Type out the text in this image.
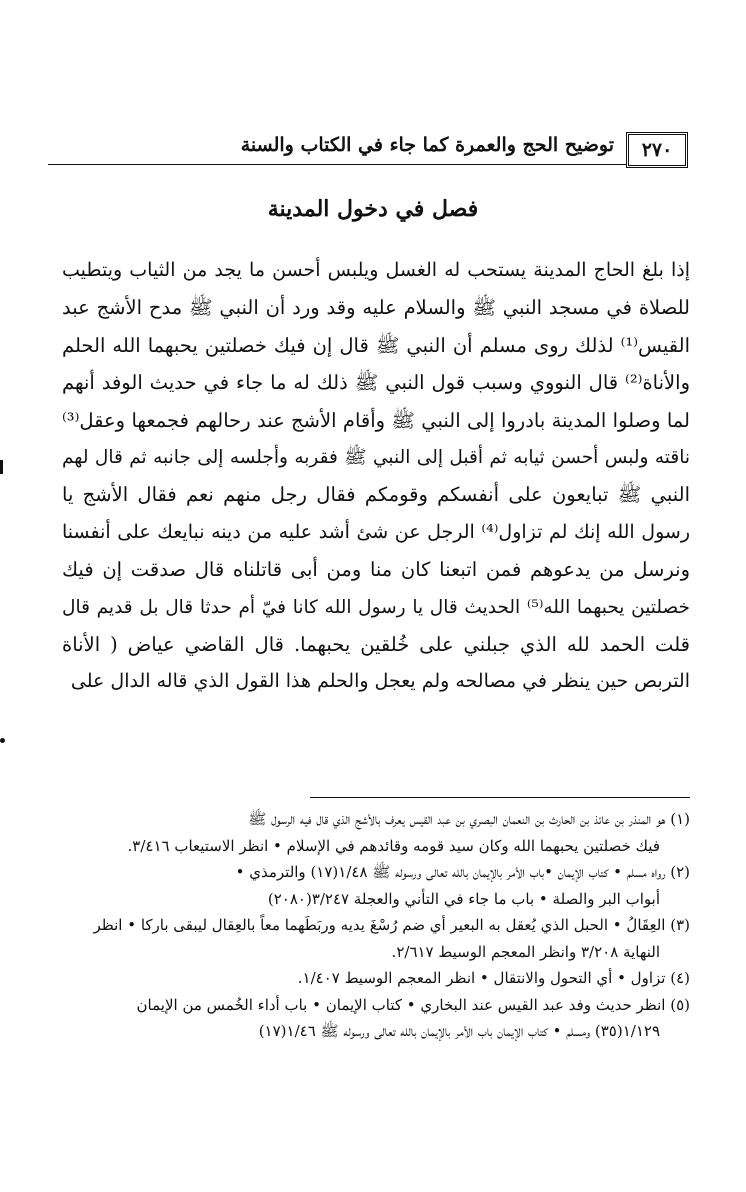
٢٧٠
توضيح الحج والعمرة كما جاء في الكتاب والسنة
فصل في دخول المدينة
إذا بلغ الحاج المدينة يستحب له الغسل ويلبس أحسن ما يجد من الثياب ويتطيب
للصلاة في مسجد النبي ﷺ والسلام عليه وقد ورد أن النبي ﷺ مدح الأشج عبد
القيس⁽¹⁾ لذلك روى مسلم أن النبي ﷺ قال إن فيك خصلتين يحبهما الله الحلم
والأناة⁽²⁾ قال النووي وسبب قول النبي ﷺ ذلك له ما جاء في حديث الوفد أنهم
لما وصلوا المدينة بادروا إلى النبي ﷺ وأقام الأشج عند رحالهم فجمعها وعقل⁽³⁾
ناقته ولبس أحسن ثيابه ثم أقبل إلى النبي ﷺ فقربه وأجلسه إلى جانبه ثم قال لهم
النبي ﷺ تبايعون على أنفسكم وقومكم فقال رجل منهم نعم فقال الأشج يا
رسول الله إنك لم تزاول⁽⁴⁾ الرجل عن شئ أشد عليه من دينه نبايعك على أنفسنا
ونرسل من يدعوهم فمن اتبعنا كان منا ومن أبى قاتلناه قال صدقت إن فيك
خصلتين يحبهما الله⁽⁵⁾ الحديث قال يا رسول الله كانا فيّ أم حدثا قال بل قديم قال
قلت الحمد لله الذي جبلني على خُلقين يحبهما. قال القاضي عياض ( الأناة
التربص حين ينظر في مصالحه ولم يعجل والحلم هذا القول الذي قاله الدال على
(١) هو المنذر بن عائذ بن الحارث بن النعمان البصري بن عبد القيس يعرف بالأشج الذي قال فيه الرسول ﷺ
فيك خصلتين يحبهما الله وكان سيد قومه وقائدهم في الإسلام • انظر الاستيعاب ٣/٤١٦.
(٢) رواه مسلم • كتاب الإيمان •باب الأمر بالإيمان بالله تعالى ورسوله ﷺ ١/٤٨(١٧) والترمذي •
أبواب البر والصلة • باب ما جاء في التأني والعجلة ٣/٢٤٧(٢٠٨٠)
(٣) العِقَالُ • الحبل الذي يُعقل به البعير أي ضم رُسْغَ يديه وربَطَهما معاً بالعِقال ليبقى باركا • انظر
النهاية ٣/٢٠٨ وانظر المعجم الوسيط ٢/٦١٧.
(٤) تزاول • أي التحول والانتقال • انظر المعجم الوسيط ١/٤٠٧.
(٥) انظر حديث وفد عبد القيس عند البخاري • كتاب الإيمان • باب أداء الخُمس من الإيمان
١/١٢٩(٣٥) ومسلم • كتاب الإيمان باب الأمر بالإيمان بالله تعالى ورسوله ﷺ ١/٤٦(١٧)
